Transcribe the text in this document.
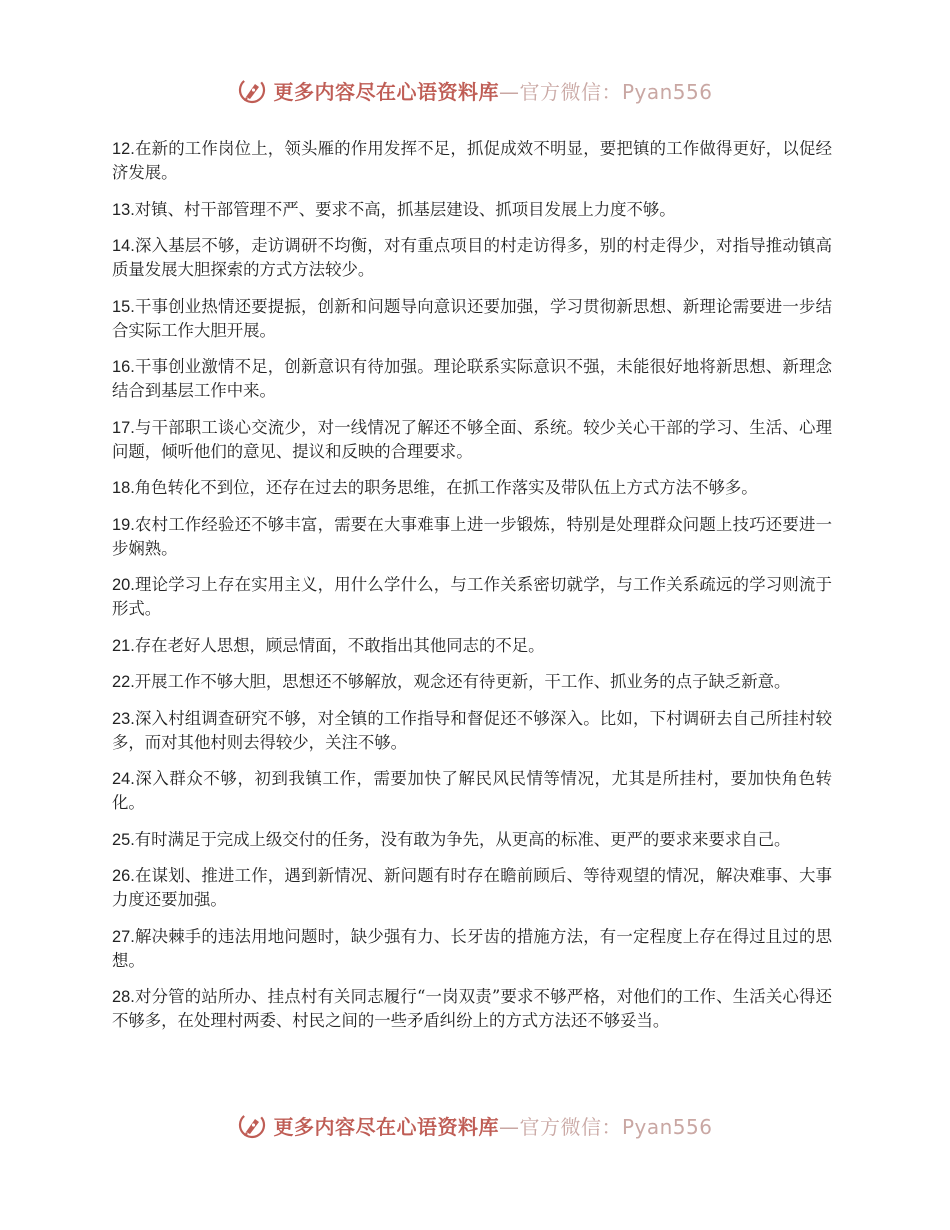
更多内容尽在心语资料库—官方微信：Pyan556

12.在新的工作岗位上，领头雁的作用发挥不足，抓促成效不明显，要把镇的工作做得更好，以促经济发展。

13.对镇、村干部管理不严、要求不高，抓基层建设、抓项目发展上力度不够。

14.深入基层不够，走访调研不均衡，对有重点项目的村走访得多，别的村走得少，对指导推动镇高质量发展大胆探索的方式方法较少。

15.干事创业热情还要提振，创新和问题导向意识还要加强，学习贯彻新思想、新理论需要进一步结合实际工作大胆开展。

16.干事创业激情不足，创新意识有待加强。理论联系实际意识不强，未能很好地将新思想、新理念结合到基层工作中来。

17.与干部职工谈心交流少，对一线情况了解还不够全面、系统。较少关心干部的学习、生活、心理问题，倾听他们的意见、提议和反映的合理要求。

18.角色转化不到位，还存在过去的职务思维，在抓工作落实及带队伍上方式方法不够多。

19.农村工作经验还不够丰富，需要在大事难事上进一步锻炼，特别是处理群众问题上技巧还要进一步娴熟。

20.理论学习上存在实用主义，用什么学什么，与工作关系密切就学，与工作关系疏远的学习则流于形式。

21.存在老好人思想，顾忌情面，不敢指出其他同志的不足。

22.开展工作不够大胆，思想还不够解放，观念还有待更新，干工作、抓业务的点子缺乏新意。

23.深入村组调查研究不够，对全镇的工作指导和督促还不够深入。比如，下村调研去自己所挂村较多，而对其他村则去得较少，关注不够。

24.深入群众不够，初到我镇工作，需要加快了解民风民情等情况，尤其是所挂村，要加快角色转化。

25.有时满足于完成上级交付的任务，没有敢为争先，从更高的标准、更严的要求来要求自己。

26.在谋划、推进工作，遇到新情况、新问题有时存在瞻前顾后、等待观望的情况，解决难事、大事力度还要加强。

27.解决棘手的违法用地问题时，缺少强有力、长牙齿的措施方法，有一定程度上存在得过且过的思想。

28.对分管的站所办、挂点村有关同志履行“一岗双责”要求不够严格，对他们的工作、生活关心得还不够多，在处理村两委、村民之间的一些矛盾纠纷上的方式方法还不够妥当。

更多内容尽在心语资料库—官方微信：Pyan556
